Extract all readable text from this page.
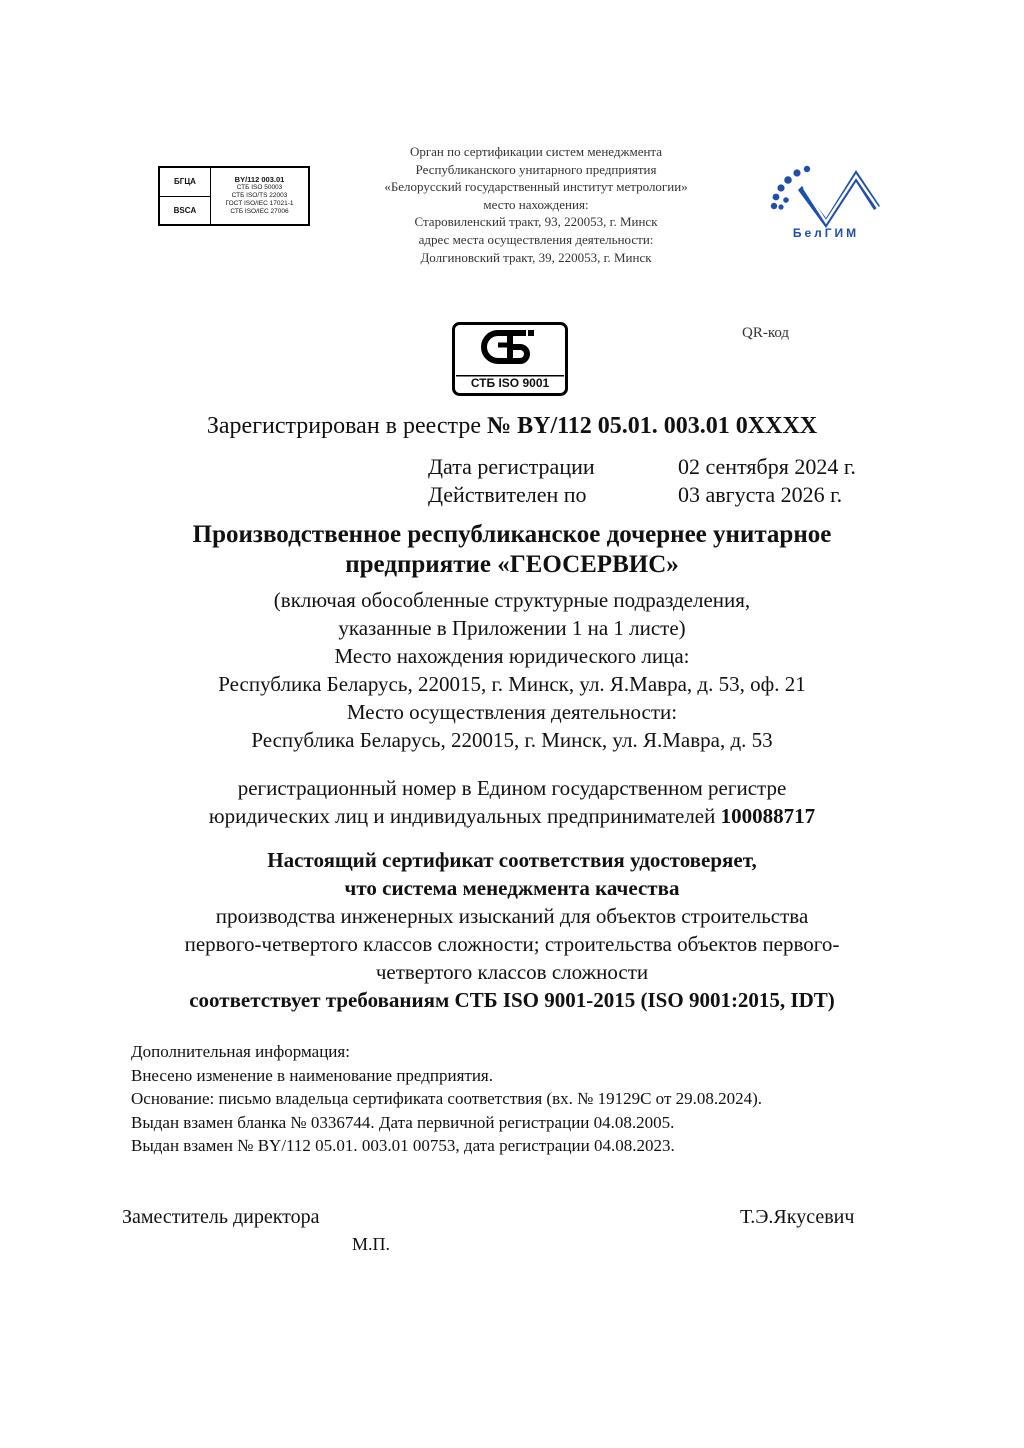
БГЦА
BSCA
BY/112 003.01
СТБ ISO 50003
СТБ ISO/TS 22003
ГОСТ ISO/IEC 17021-1
СТБ ISO/IEC 27006
Орган по сертификации систем менеджмента
Республиканского унитарного предприятия
«Белорусский государственный институт метрологии»
место нахождения:
Старовиленский тракт, 93, 220053, г. Минск
адрес места осуществления деятельности:
Долгиновский тракт, 39, 220053, г. Минск
БелГИМ
СТБ ISO 9001
QR-код
Зарегистрирован в реестре № BY/112 05.01. 003.01 0XXXX
Дата регистрации	02 сентября 2024 г.
Действителен по	03 августа 2026 г.
Производственное республиканское дочернее унитарное
предприятие «ГЕОСЕРВИС»
(включая обособленные структурные подразделения,
указанные в Приложении 1 на 1 листе)
Место нахождения юридического лица:
Республика Беларусь, 220015, г. Минск, ул. Я.Мавра, д. 53, оф. 21
Место осуществления деятельности:
Республика Беларусь, 220015, г. Минск, ул. Я.Мавра, д. 53
регистрационный номер в Едином государственном регистре
юридических лиц и индивидуальных предпринимателей 100088717
Настоящий сертификат соответствия удостоверяет,
что система менеджмента качества
производства инженерных изысканий для объектов строительства
первого-четвертого классов сложности; строительства объектов первого-
четвертого классов сложности
соответствует требованиям СТБ ISO 9001-2015 (ISO 9001:2015, IDT)
Дополнительная информация:
Внесено изменение в наименование предприятия.
Основание: письмо владельца сертификата соответствия (вх. № 19129С от 29.08.2024).
Выдан взамен бланка № 0336744. Дата первичной регистрации 04.08.2005.
Выдан взамен № BY/112 05.01. 003.01 00753, дата регистрации 04.08.2023.
Заместитель директора
М.П.
Т.Э.Якусевич
